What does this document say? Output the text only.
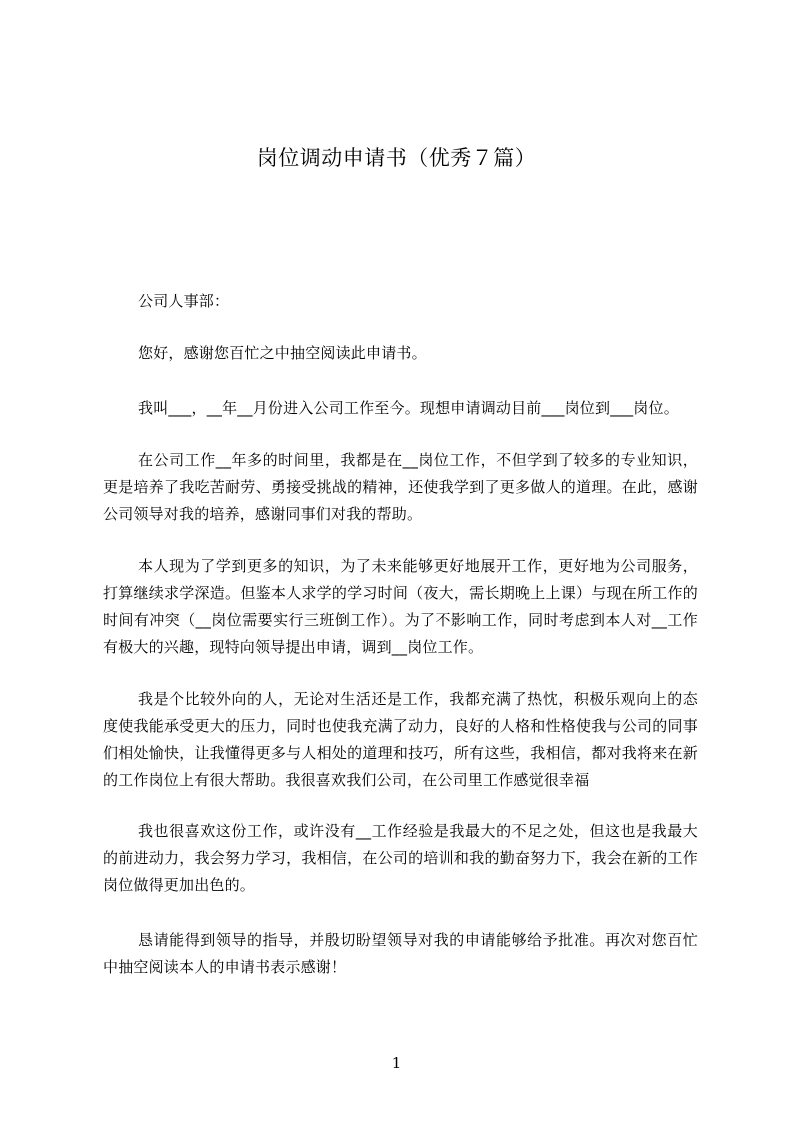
岗位调动申请书（优秀７篇）
公司人事部：
您好，感谢您百忙之中抽空阅读此申请书。
我叫___，__年__月份进入公司工作至今。现想申请调动目前___岗位到___岗位。
在公司工作__年多的时间里，我都是在__岗位工作，不但学到了较多的专业知识，更是培养了我吃苦耐劳、勇接受挑战的精神，还使我学到了更多做人的道理。在此，感谢公司领导对我的培养，感谢同事们对我的帮助。
本人现为了学到更多的知识，为了未来能够更好地展开工作，更好地为公司服务，打算继续求学深造。但鉴本人求学的学习时间（夜大，需长期晚上上课）与现在所工作的时间有冲突（__岗位需要实行三班倒工作）。为了不影响工作，同时考虑到本人对__工作有极大的兴趣，现特向领导提出申请，调到__岗位工作。
我是个比较外向的人，无论对生活还是工作，我都充满了热忱，积极乐观向上的态度使我能承受更大的压力，同时也使我充满了动力，良好的人格和性格使我与公司的同事们相处愉快，让我懂得更多与人相处的道理和技巧，所有这些，我相信，都对我将来在新的工作岗位上有很大帮助。我很喜欢我们公司，在公司里工作感觉很幸福
我也很喜欢这份工作，或许没有__工作经验是我最大的不足之处，但这也是我最大的前进动力，我会努力学习，我相信，在公司的培训和我的勤奋努力下，我会在新的工作岗位做得更加出色的。
恳请能得到领导的指导，并殷切盼望领导对我的申请能够给予批准。再次对您百忙中抽空阅读本人的申请书表示感谢！
1
